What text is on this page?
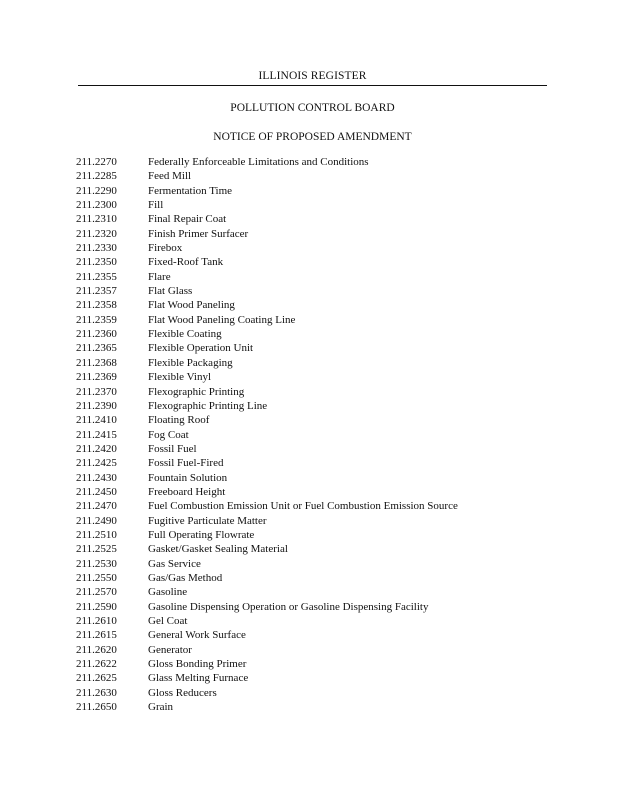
ILLINOIS REGISTER
POLLUTION CONTROL BOARD
NOTICE OF PROPOSED AMENDMENT
211.2270	Federally Enforceable Limitations and Conditions
211.2285	Feed Mill
211.2290	Fermentation Time
211.2300	Fill
211.2310	Final Repair Coat
211.2320	Finish Primer Surfacer
211.2330	Firebox
211.2350	Fixed-Roof Tank
211.2355	Flare
211.2357	Flat Glass
211.2358	Flat Wood Paneling
211.2359	Flat Wood Paneling Coating Line
211.2360	Flexible Coating
211.2365	Flexible Operation Unit
211.2368	Flexible Packaging
211.2369	Flexible Vinyl
211.2370	Flexographic Printing
211.2390	Flexographic Printing Line
211.2410	Floating Roof
211.2415	Fog Coat
211.2420	Fossil Fuel
211.2425	Fossil Fuel-Fired
211.2430	Fountain Solution
211.2450	Freeboard Height
211.2470	Fuel Combustion Emission Unit or Fuel Combustion Emission Source
211.2490	Fugitive Particulate Matter
211.2510	Full Operating Flowrate
211.2525	Gasket/Gasket Sealing Material
211.2530	Gas Service
211.2550	Gas/Gas Method
211.2570	Gasoline
211.2590	Gasoline Dispensing Operation or Gasoline Dispensing Facility
211.2610	Gel Coat
211.2615	General Work Surface
211.2620	Generator
211.2622	Gloss Bonding Primer
211.2625	Glass Melting Furnace
211.2630	Gloss Reducers
211.2650	Grain
